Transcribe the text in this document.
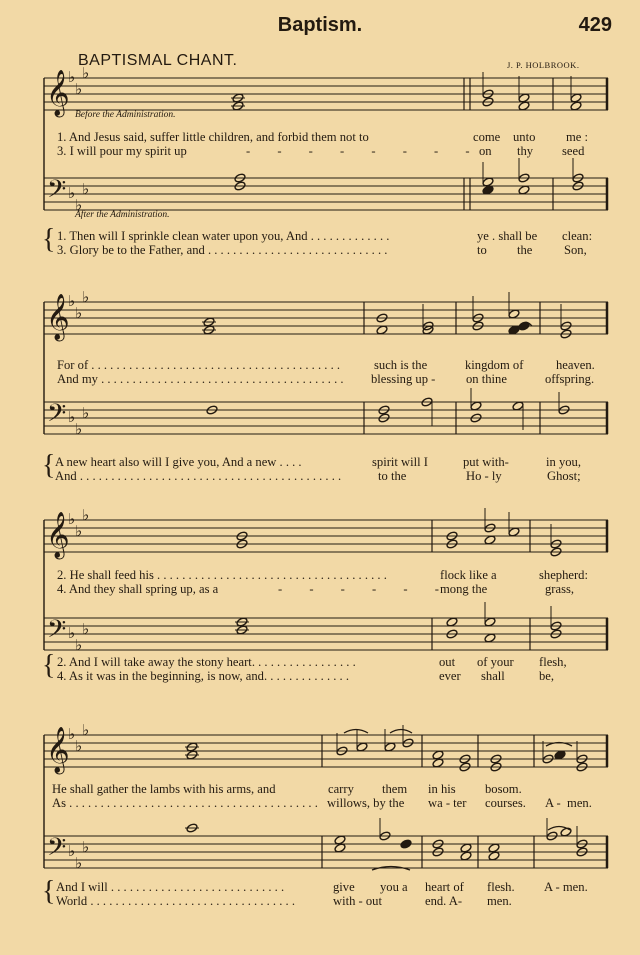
Baptism.	429
BAPTISMAL CHANT.	J. P. HOLBROOK.
𝄞
𝄢
♭
♭
♭
♭
♭
♭
𝄞
𝄢
♭
♭
♭
♭
♭
♭
𝄞
𝄢
♭
♭
♭
♭
♭
♭
𝄞
𝄢
♭
♭
♭
♭
♭
♭
Before the Administration.
After the Administration.
1. And Jesus said, suffer little children, and forbid them not to	come unto me :
3. I will pour my spirit up	- - - - - - - -
on thy seed
{ 1. Then will I sprinkle clean water upon you, And . . . . . . . . . . . . .	ye . shall be clean:
3. Glory be to the Father, and . . . . . . . . . . . . . . . . . . . . . . . . . . . . .	to the	Son,
For of . . . . . . . . . . . . . . . . . . . . . . . . . . . . . . . . . . . . . . . .	such is the	kingdom of	heaven.
And my . . . . . . . . . . . . . . . . . . . . . . . . . . . . . . . . . . . . . . . blessing up - on thine	offspring.
{ A new heart also will I give you, And a new . . . .	spirit will I	put with-	in you,
And . . . . . . . . . . . . . . . . . . . . . . . . . . . . . . . . . . . . . . . . . .	to the	Ho - ly	Ghost;
2. He shall feed his . . . . . . . . . . . . . . . . . . . . . . . . . . . . . . . . . . . . .	flock like a	shepherd:
4. And they shall spring up, as a	- - - - - -
mong the	grass,
{ 2. And I will take away the stony heart. . . . . . . . . . . . . . . . .	out of your flesh,
4. As it was in the beginning, is now, and. . . . . . . . . . . . . .	ever shall	be,
He shall gather the lambs with his arms, and	carry them in his bosom.
As . . . . . . . . . . . . . . . . . . . . . . . . . . . . . . . . . . . . . . . . willows, by the wa - ter courses. A - men.
{ And I will . . . . . . . . . . . . . . . . . . . . . . . . . . . .	give you a heart of flesh. A - men.
World . . . . . . . . . . . . . . . . . . . . . . . . . . . . . . . . .	with - out	end. A- men.
